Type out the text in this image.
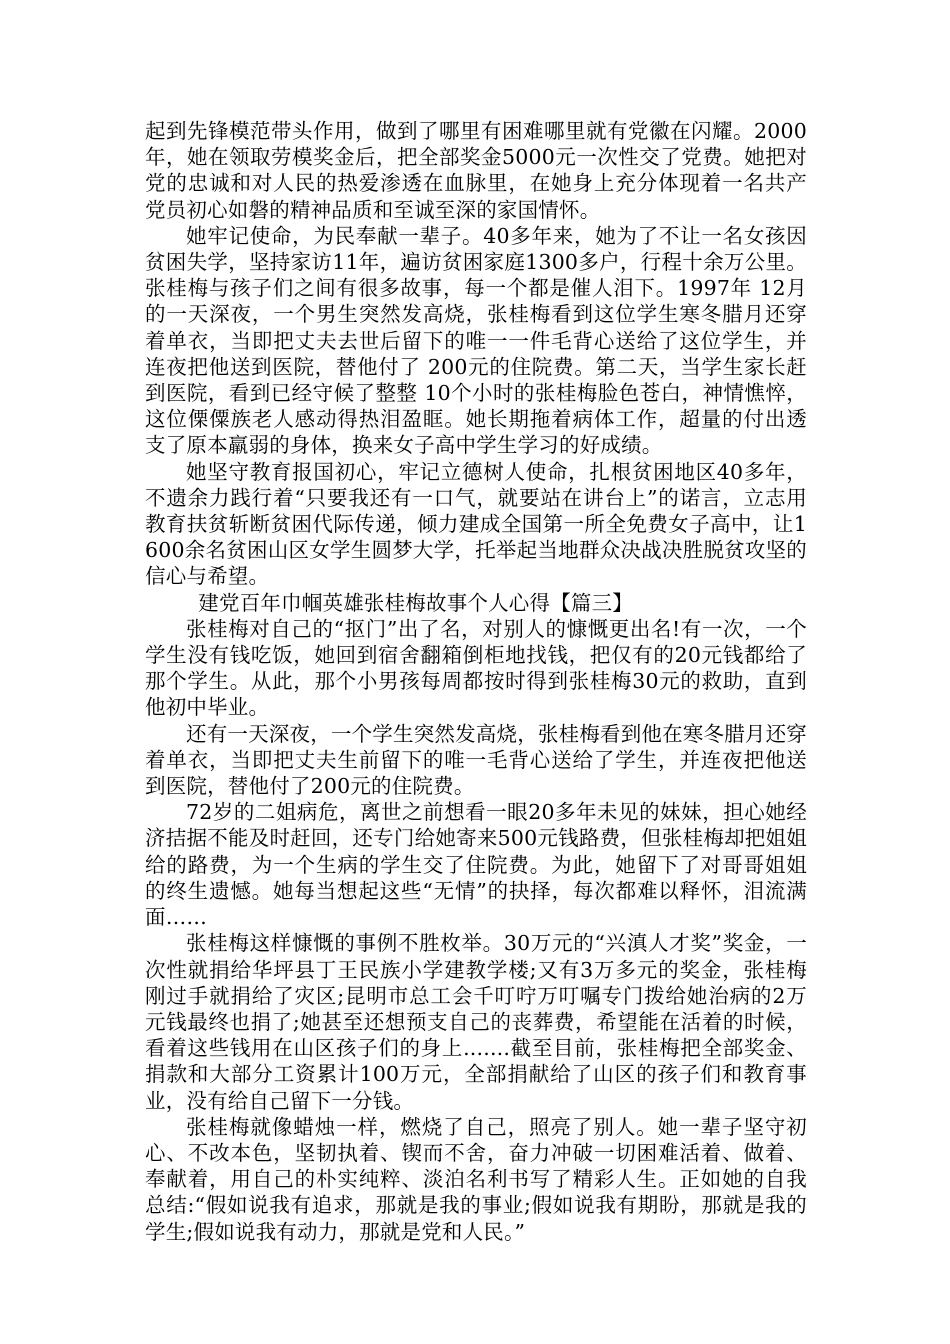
起到先锋模范带头作用，做到了哪里有困难哪里就有党徽在闪耀。2000年，她在领取劳模奖金后，把全部奖金5000元一次性交了党费。她把对党的忠诚和对人民的热爱渗透在血脉里，在她身上充分体现着一名共产党员初心如磐的精神品质和至诚至深的家国情怀。

她牢记使命，为民奉献一辈子。40多年来，她为了不让一名女孩因贫困失学，坚持家访11年，遍访贫困家庭1300多户，行程十余万公里。张桂梅与孩子们之间有很多故事，每一个都是催人泪下。1997年 12月的一天深夜，一个男生突然发高烧，张桂梅看到这位学生寒冬腊月还穿着单衣，当即把丈夫去世后留下的唯一一件毛背心送给了这位学生，并连夜把他送到医院，替他付了 200元的住院费。第二天，当学生家长赶到医院，看到已经守候了整整 10个小时的张桂梅脸色苍白，神情憔悴，这位傈僳族老人感动得热泪盈眶。她长期拖着病体工作，超量的付出透支了原本羸弱的身体，换来女子高中学生学习的好成绩。

她坚守教育报国初心，牢记立德树人使命，扎根贫困地区40多年，不遗余力践行着“只要我还有一口气，就要站在讲台上”的诺言，立志用教育扶贫斩断贫困代际传递，倾力建成全国第一所全免费女子高中，让1600余名贫困山区女学生圆梦大学，托举起当地群众决战决胜脱贫攻坚的信心与希望。

建党百年巾帼英雄张桂梅故事个人心得【篇三】

张桂梅对自己的“抠门”出了名，对别人的慷慨更出名!有一次，一个学生没有钱吃饭，她回到宿舍翻箱倒柜地找钱，把仅有的20元钱都给了那个学生。从此，那个小男孩每周都按时得到张桂梅30元的救助，直到他初中毕业。

还有一天深夜，一个学生突然发高烧，张桂梅看到他在寒冬腊月还穿着单衣，当即把丈夫生前留下的唯一毛背心送给了学生，并连夜把他送到医院，替他付了200元的住院费。

72岁的二姐病危，离世之前想看一眼20多年未见的妹妹，担心她经济拮据不能及时赶回，还专门给她寄来500元钱路费，但张桂梅却把姐姐给的路费，为一个生病的学生交了住院费。为此，她留下了对哥哥姐姐的终生遗憾。她每当想起这些“无情”的抉择，每次都难以释怀，泪流满面……

张桂梅这样慷慨的事例不胜枚举。30万元的“兴滇人才奖”奖金，一次性就捐给华坪县丁王民族小学建教学楼;又有3万多元的奖金，张桂梅刚过手就捐给了灾区;昆明市总工会千叮咛万叮嘱专门拨给她治病的2万元钱最终也捐了;她甚至还想预支自己的丧葬费，希望能在活着的时候，看着这些钱用在山区孩子们的身上.......截至目前，张桂梅把全部奖金、捐款和大部分工资累计100万元，全部捐献给了山区的孩子们和教育事业，没有给自己留下一分钱。

张桂梅就像蜡烛一样，燃烧了自己，照亮了别人。她一辈子坚守初心、不改本色，坚韧执着、锲而不舍，奋力冲破一切困难活着、做着、奉献着，用自己的朴实纯粹、淡泊名利书写了精彩人生。正如她的自我总结:“假如说我有追求，那就是我的事业;假如说我有期盼，那就是我的学生;假如说我有动力，那就是党和人民。”
